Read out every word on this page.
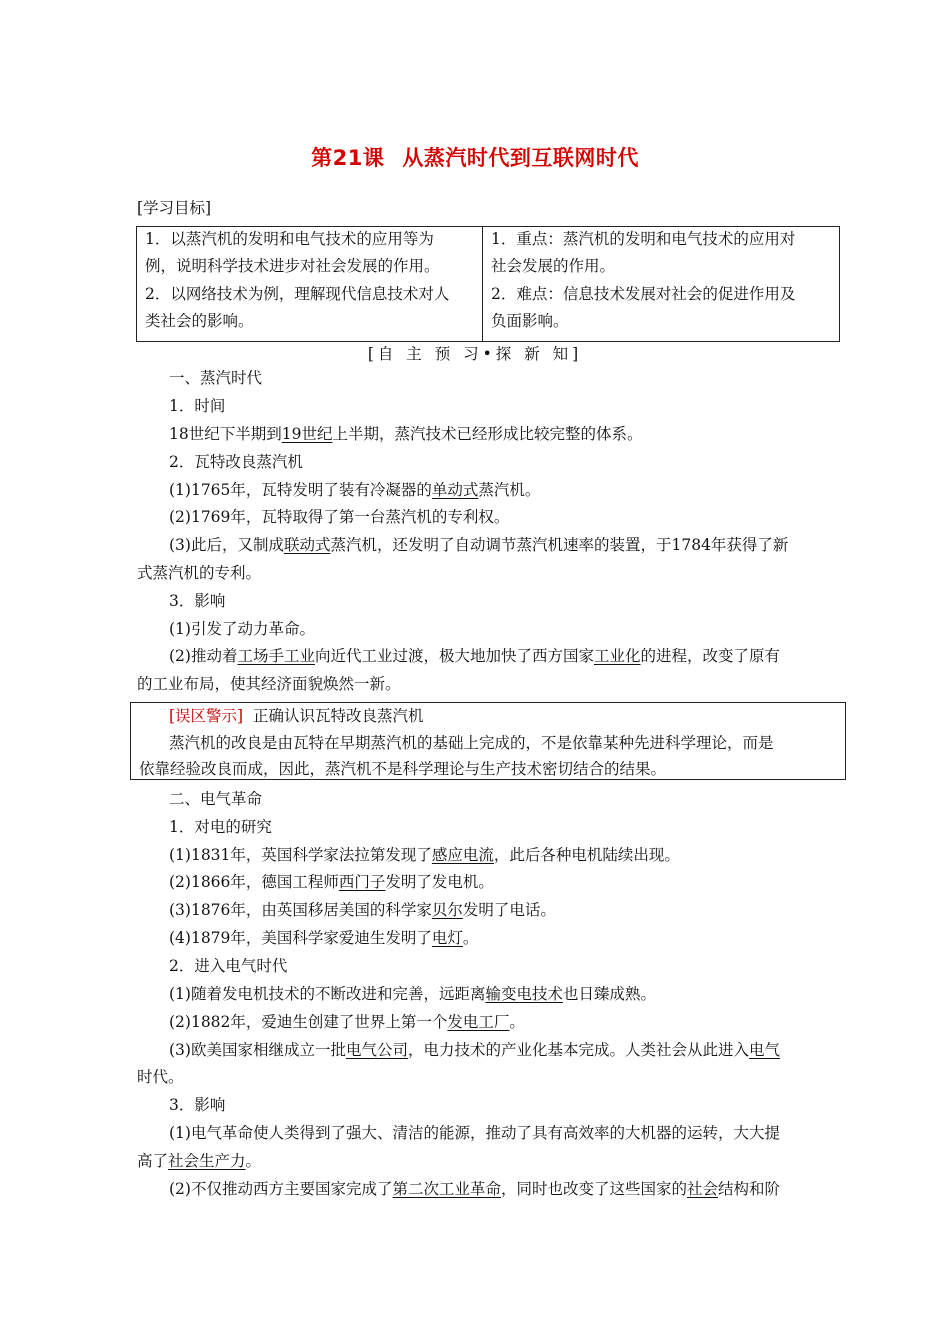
第21课 从蒸汽时代到互联网时代
[学习目标]
1．以蒸汽机的发明和电气技术的应用等为
例，说明科学技术进步对社会发展的作用。
2．以网络技术为例，理解现代信息技术对人
类社会的影响。
1．重点：蒸汽机的发明和电气技术的应用对
社会发展的作用。
2．难点：信息技术发展对社会的促进作用及
负面影响。
[自 主 预 习•探 新 知]
一、蒸汽时代
1．时间
18世纪下半期到19世纪上半期，蒸汽技术已经形成比较完整的体系。
2．瓦特改良蒸汽机
(1)1765年，瓦特发明了装有冷凝器的单动式蒸汽机。
(2)1769年，瓦特取得了第一台蒸汽机的专利权。
(3)此后，又制成联动式蒸汽机，还发明了自动调节蒸汽机速率的装置，于1784年获得了新
式蒸汽机的专利。
3．影响
(1)引发了动力革命。
(2)推动着工场手工业向近代工业过渡，极大地加快了西方国家工业化的进程，改变了原有
的工业布局，使其经济面貌焕然一新。
[误区警示] 正确认识瓦特改良蒸汽机
蒸汽机的改良是由瓦特在早期蒸汽机的基础上完成的，不是依靠某种先进科学理论，而是
依靠经验改良而成，因此，蒸汽机不是科学理论与生产技术密切结合的结果。
二、电气革命
1．对电的研究
(1)1831年，英国科学家法拉第发现了感应电流，此后各种电机陆续出现。
(2)1866年，德国工程师西门子发明了发电机。
(3)1876年，由英国移居美国的科学家贝尔发明了电话。
(4)1879年，美国科学家爱迪生发明了电灯。
2．进入电气时代
(1)随着发电机技术的不断改进和完善，远距离输变电技术也日臻成熟。
(2)1882年，爱迪生创建了世界上第一个发电工厂。
(3)欧美国家相继成立一批电气公司，电力技术的产业化基本完成。人类社会从此进入电气
时代。
3．影响
(1)电气革命使人类得到了强大、清洁的能源，推动了具有高效率的大机器的运转，大大提
高了社会生产力。
(2)不仅推动西方主要国家完成了第二次工业革命，同时也改变了这些国家的社会结构和阶
